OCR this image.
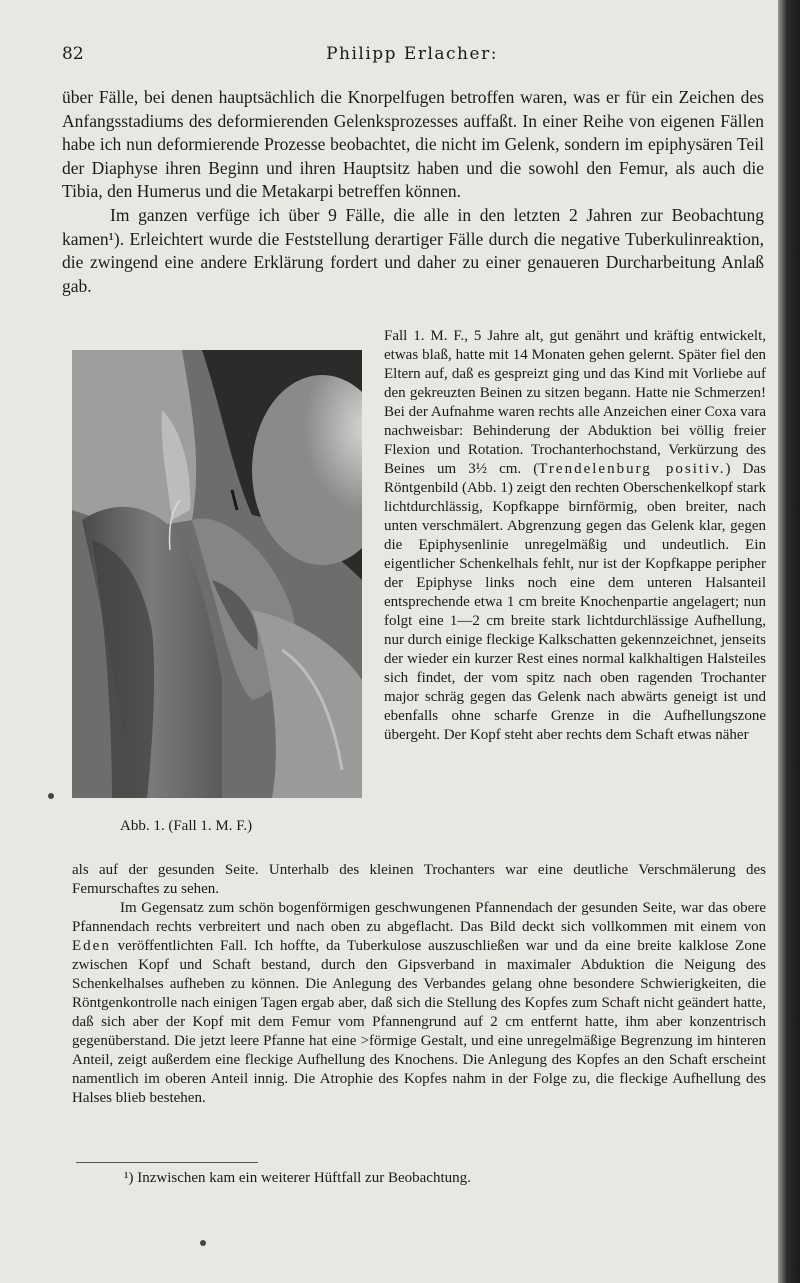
82	Philipp Erlacher:

über Fälle, bei denen hauptsächlich die Knorpelfugen betroffen waren, was er für ein Zeichen des Anfangsstadiums des deformierenden Gelenksprozesses auffaßt. In einer Reihe von eigenen Fällen habe ich nun deformierende Prozesse beobachtet, die nicht im Gelenk, sondern im epiphysären Teil der Diaphyse ihren Beginn und ihren Hauptsitz haben und die sowohl den Femur, als auch die Tibia, den Humerus und die Metakarpi betreffen können.

Im ganzen verfüge ich über 9 Fälle, die alle in den letzten 2 Jahren zur Beobachtung kamen¹). Erleichtert wurde die Feststellung derartiger Fälle durch die negative Tuberkulinreaktion, die zwingend eine andere Erklärung fordert und daher zu einer genaueren Durcharbeitung Anlaß gab.

Fall 1. M. F., 5 Jahre alt, gut genährt und kräftig entwickelt, etwas blaß, hatte mit 14 Monaten gehen gelernt. Später fiel den Eltern auf, daß es gespreizt ging und das Kind mit Vorliebe auf den gekreuzten Beinen zu sitzen begann. Hatte nie Schmerzen! Bei der Aufnahme waren rechts alle Anzeichen einer Coxa vara nachweisbar: Behinderung der Abduktion bei völlig freier Flexion und Rotation. Trochanterhochstand, Verkürzung des Beines um 3½ cm. (Trendelenburg positiv.) Das Röntgenbild (Abb. 1) zeigt den rechten Oberschenkelkopf stark lichtdurchlässig, Kopfkappe birnförmig, oben breiter, nach unten verschmälert. Abgrenzung gegen das Gelenk klar, gegen die Epiphysenlinie unregelmäßig und undeutlich. Ein eigentlicher Schenkelhals fehlt, nur ist der Kopfkappe peripher der Epiphyse links noch eine dem unteren Halsanteil entsprechende etwa 1 cm breite Knochenpartie angelagert; nun folgt eine 1—2 cm breite stark lichtdurchlässige Aufhellung, nur durch einige fleckige Kalkschatten gekennzeichnet, jenseits der wieder ein kurzer Rest eines normal kalkhaltigen Halsteiles sich findet, der vom spitz nach oben ragenden Trochanter major schräg gegen das Gelenk nach abwärts geneigt ist und ebenfalls ohne scharfe Grenze in die Aufhellungszone übergeht. Der Kopf steht aber rechts dem Schaft etwas näher
Abb. 1. (Fall 1. M. F.)

als auf der gesunden Seite. Unterhalb des kleinen Trochanters war eine deutliche Verschmälerung des Femurschaftes zu sehen.

Im Gegensatz zum schön bogenförmigen geschwungenen Pfannendach der gesunden Seite, war das obere Pfannendach rechts verbreitert und nach oben zu abgeflacht. Das Bild deckt sich vollkommen mit einem von Eden veröffentlichten Fall. Ich hoffte, da Tuberkulose auszuschließen war und da eine breite kalklose Zone zwischen Kopf und Schaft bestand, durch den Gipsverband in maximaler Abduktion die Neigung des Schenkelhalses aufheben zu können. Die Anlegung des Verbandes gelang ohne besondere Schwierigkeiten, die Röntgenkontrolle nach einigen Tagen ergab aber, daß sich die Stellung des Kopfes zum Schaft nicht geändert hatte, daß sich aber der Kopf mit dem Femur vom Pfannengrund auf 2 cm entfernt hatte, ihm aber konzentrisch gegenüberstand. Die jetzt leere Pfanne hat eine >förmige Gestalt, und eine unregelmäßige Begrenzung im hinteren Anteil, zeigt außerdem eine fleckige Aufhellung des Knochens. Die Anlegung des Kopfes an den Schaft erscheint namentlich im oberen Anteil innig. Die Atrophie des Kopfes nahm in der Folge zu, die fleckige Aufhellung des Halses blieb bestehen.

¹) Inzwischen kam ein weiterer Hüftfall zur Beobachtung.
